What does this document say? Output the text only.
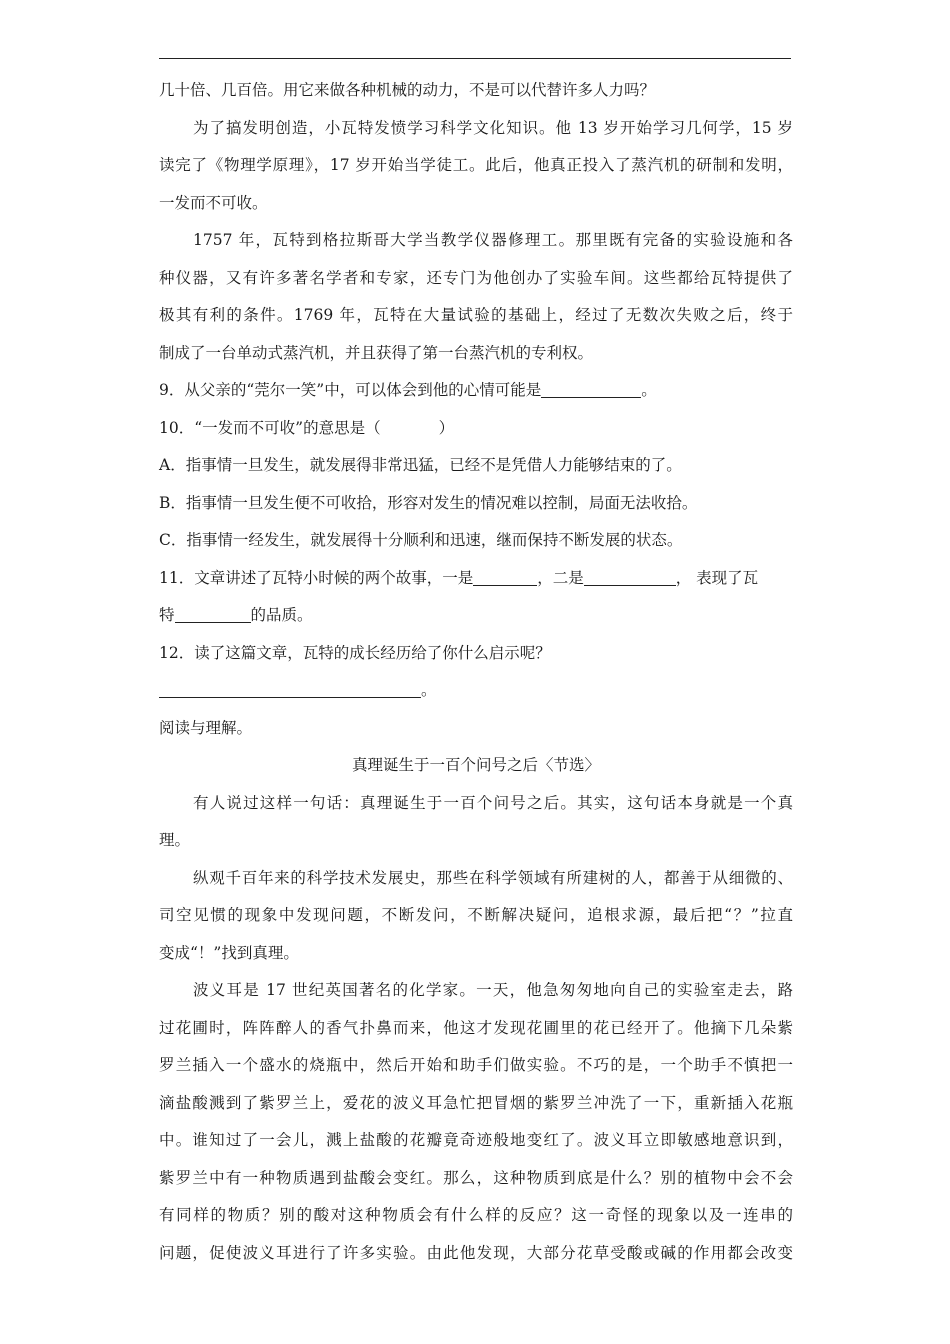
几十倍、几百倍。用它来做各种机械的动力，不是可以代替许多人力吗？
为了搞发明创造，小瓦特发愤学习科学文化知识。他 13 岁开始学习几何学，15 岁
读完了《物理学原理》，17 岁开始当学徒工。此后，他真正投入了蒸汽机的研制和发明，
一发而不可收。
1757 年，瓦特到格拉斯哥大学当教学仪器修理工。那里既有完备的实验设施和各
种仪器，又有许多著名学者和专家，还专门为他创办了实验车间。这些都给瓦特提供了
极其有利的条件。1769 年，瓦特在大量试验的基础上，经过了无数次失败之后，终于
制成了一台单动式蒸汽机，并且获得了第一台蒸汽机的专利权。
9．从父亲的“莞尔一笑”中，可以体会到他的心情可能是	。
10．“一发而不可收”的意思是（	）
A．指事情一旦发生，就发展得非常迅猛，已经不是凭借人力能够结束的了。
B．指事情一旦发生便不可收拾，形容对发生的情况难以控制，局面无法收拾。
C．指事情一经发生，就发展得十分顺利和迅速，继而保持不断发展的状态。
11．文章讲述了瓦特小时候的两个故事，一是	，二是	， 表现了瓦
特	的品质。
12．读了这篇文章，瓦特的成长经历给了你什么启示呢？
。
阅读与理解。
真理诞生于一百个问号之后〈节选〉
有人说过这样一句话：真理诞生于一百个问号之后。其实，这句话本身就是一个真
理。
纵观千百年来的科学技术发展史，那些在科学领域有所建树的人，都善于从细微的、
司空见惯的现象中发现问题，不断发问，不断解决疑问，追根求源，最后把“？”拉直
变成“！”找到真理。
波义耳是 17 世纪英国著名的化学家。一天，他急匆匆地向自己的实验室走去，路
过花圃时，阵阵醉人的香气扑鼻而来，他这才发现花圃里的花已经开了。他摘下几朵紫
罗兰插入一个盛水的烧瓶中，然后开始和助手们做实验。不巧的是，一个助手不慎把一
滴盐酸溅到了紫罗兰上，爱花的波义耳急忙把冒烟的紫罗兰冲洗了一下，重新插入花瓶
中。谁知过了一会儿，溅上盐酸的花瓣竟奇迹般地变红了。波义耳立即敏感地意识到，
紫罗兰中有一种物质遇到盐酸会变红。那么，这种物质到底是什么？别的植物中会不会
有同样的物质？别的酸对这种物质会有什么样的反应？这一奇怪的现象以及一连串的
问题，促使波义耳进行了许多实验。由此他发现，大部分花草受酸或碱的作用都会改变
